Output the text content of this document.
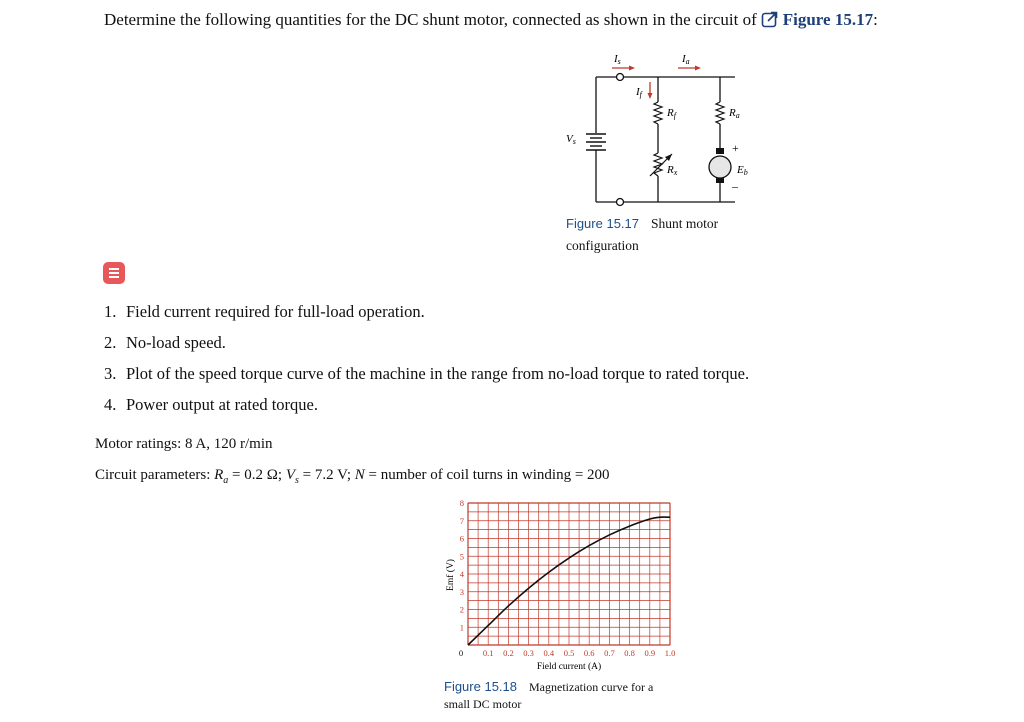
Determine the following quantities for the DC shunt motor, connected as shown in the circuit of Figure 15.17:
Is	Ia
If
Rf	Ra
Vs
Rx	Eb
+
–
Figure 15.17 Shunt motor
configuration
1. Field current required for full-load operation.
2. No-load speed.
3. Plot of the speed torque curve of the machine in the range from no-load torque to rated torque.
4. Power output at rated torque.
Motor ratings: 8 A, 120 r/min
Circuit parameters: $R_a = 0.2$ Ω; $V_s = 7.2$ V; N = number of coil turns in winding = 200
0 0.1 0.2 0.3 0.4 0.5 0.6 0.7 0.8 0.9 1.0
1
2
3
4
5
6
7
8
Emf (V)
Field current (A)
Figure 15.18 Magnetization curve for a
small DC motor
